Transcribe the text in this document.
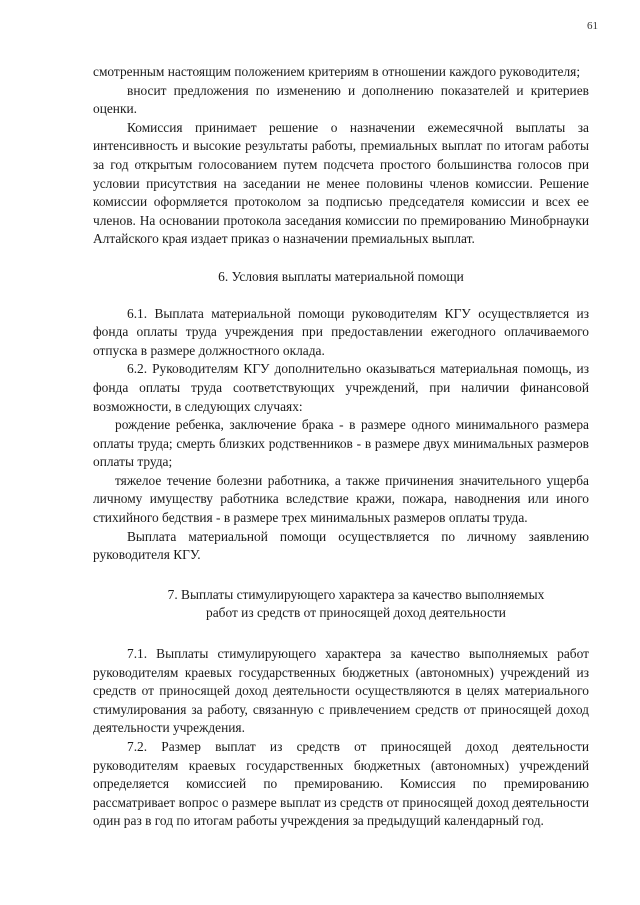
61

смотренным настоящим положением критериям в отношении каждого руководителя;

вносит предложения по изменению и дополнению показателей и критериев оценки.

Комиссия принимает решение о назначении ежемесячной выплаты за интенсивность и высокие результаты работы, премиальных выплат по итогам работы за год открытым голосованием путем подсчета простого большинства голосов при условии присутствия на заседании не менее половины членов комиссии. Решение комиссии оформляется протоколом за подписью председателя комиссии и всех ее членов. На основании протокола заседания комиссии по премированию Минобрнауки Алтайского края издает приказ о назначении премиальных выплат.

6. Условия выплаты материальной помощи

6.1. Выплата материальной помощи руководителям КГУ осуществляется из фонда оплаты труда учреждения при предоставлении ежегодного оплачиваемого отпуска в размере должностного оклада.

6.2. Руководителям КГУ дополнительно оказываться материальная помощь, из фонда оплаты труда соответствующих учреждений, при наличии финансовой возможности, в следующих случаях:

рождение ребенка, заключение брака - в размере одного минимального размера оплаты труда; смерть близких родственников - в размере двух минимальных размеров оплаты труда;

тяжелое течение болезни работника, а также причинения значительного ущерба личному имуществу работника вследствие кражи, пожара, наводнения или иного стихийного бедствия - в размере трех минимальных размеров оплаты труда.

Выплата материальной помощи осуществляется по личному заявлению руководителя КГУ.

7. Выплаты стимулирующего характера за качество выполняемых
работ из средств от приносящей доход деятельности

7.1. Выплаты стимулирующего характера за качество выполняемых работ руководителям краевых государственных бюджетных (автономных) учреждений из средств от приносящей доход деятельности осуществляются в целях материального стимулирования за работу, связанную с привлечением средств от приносящей доход деятельности учреждения.

7.2. Размер выплат из средств от приносящей доход деятельности руководителям краевых государственных бюджетных (автономных) учреждений определяется комиссией по премированию. Комиссия по премированию рассматривает вопрос о размере выплат из средств от приносящей доход деятельности один раз в год по итогам работы учреждения за предыдущий календарный год.
